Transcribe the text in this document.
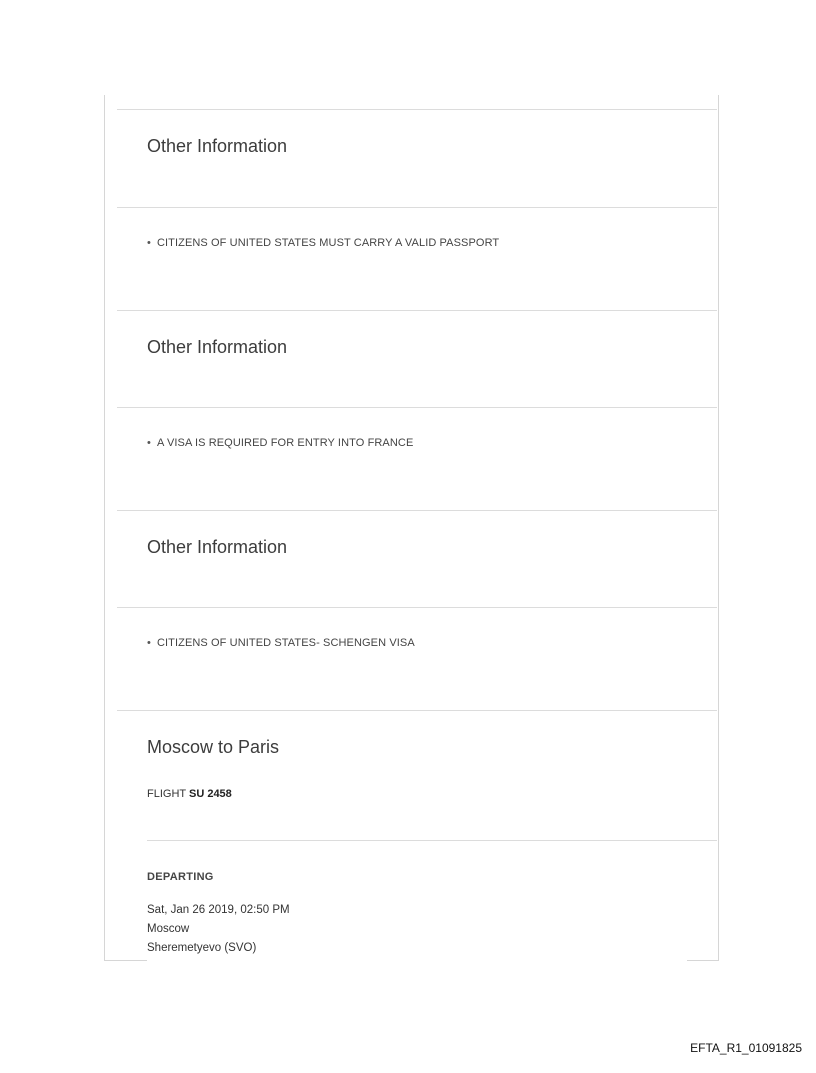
Other Information
• CITIZENS OF UNITED STATES MUST CARRY A VALID PASSPORT
Other Information
• A VISA IS REQUIRED FOR ENTRY INTO FRANCE
Other Information
• CITIZENS OF UNITED STATES- SCHENGEN VISA
Moscow to Paris
FLIGHT SU 2458
DEPARTING
Sat, Jan 26 2019, 02:50 PM
Moscow
Sheremetyevo (SVO)
EFTA_R1_01091825
